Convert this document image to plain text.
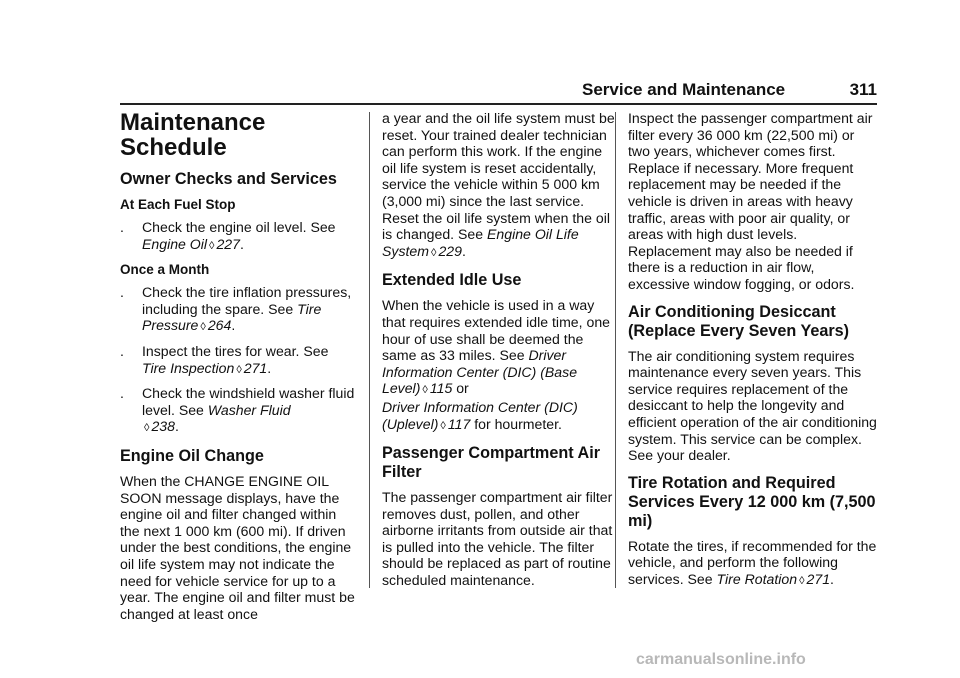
Service and Maintenance	311
Maintenance
Schedule
Owner Checks and Services
At Each Fuel Stop
.	Check the engine oil level. See
Engine Oil ◊ 227.
Once a Month
.	Check the tire inflation pressures, including the spare. See Tire Pressure ◊ 264.
.	Inspect the tires for wear. See
Tire Inspection ◊ 271.
.	Check the windshield washer fluid level. See Washer Fluid
◊ 238.
Engine Oil Change

When the CHANGE ENGINE OIL SOON message displays, have the engine oil and filter changed within the next 1 000 km (600 mi). If driven under the best conditions, the engine oil life system may not indicate the need for vehicle service for up to a year. The engine oil and filter must be changed at least once

a year and the oil life system must be reset. Your trained dealer technician can perform this work. If the engine oil life system is reset accidentally, service the vehicle within 5 000 km (3,000 mi) since the last service. Reset the oil life system when the oil is changed. See Engine Oil Life System ◊ 229.

Extended Idle Use

When the vehicle is used in a way that requires extended idle time, one hour of use shall be deemed the same as 33 miles. See Driver Information Center (DIC) (Base Level) ◊ 115 or
Driver Information Center (DIC) (Uplevel) ◊ 117 for hourmeter.

Passenger Compartment Air Filter

The passenger compartment air filter removes dust, pollen, and other airborne irritants from outside air that is pulled into the vehicle. The filter should be replaced as part of routine scheduled maintenance.

Inspect the passenger compartment air filter every 36 000 km (22,500 mi) or two years, whichever comes first. Replace if necessary. More frequent replacement may be needed if the vehicle is driven in areas with heavy traffic, areas with poor air quality, or areas with high dust levels. Replacement may also be needed if there is a reduction in air flow, excessive window fogging, or odors.

Air Conditioning Desiccant (Replace Every Seven Years)

The air conditioning system requires maintenance every seven years. This service requires replacement of the desiccant to help the longevity and efficient operation of the air conditioning system. This service can be complex. See your dealer.

Tire Rotation and Required Services Every 12 000 km (7,500 mi)

Rotate the tires, if recommended for the vehicle, and perform the following services. See Tire Rotation ◊ 271.

carmanualsonline.info
